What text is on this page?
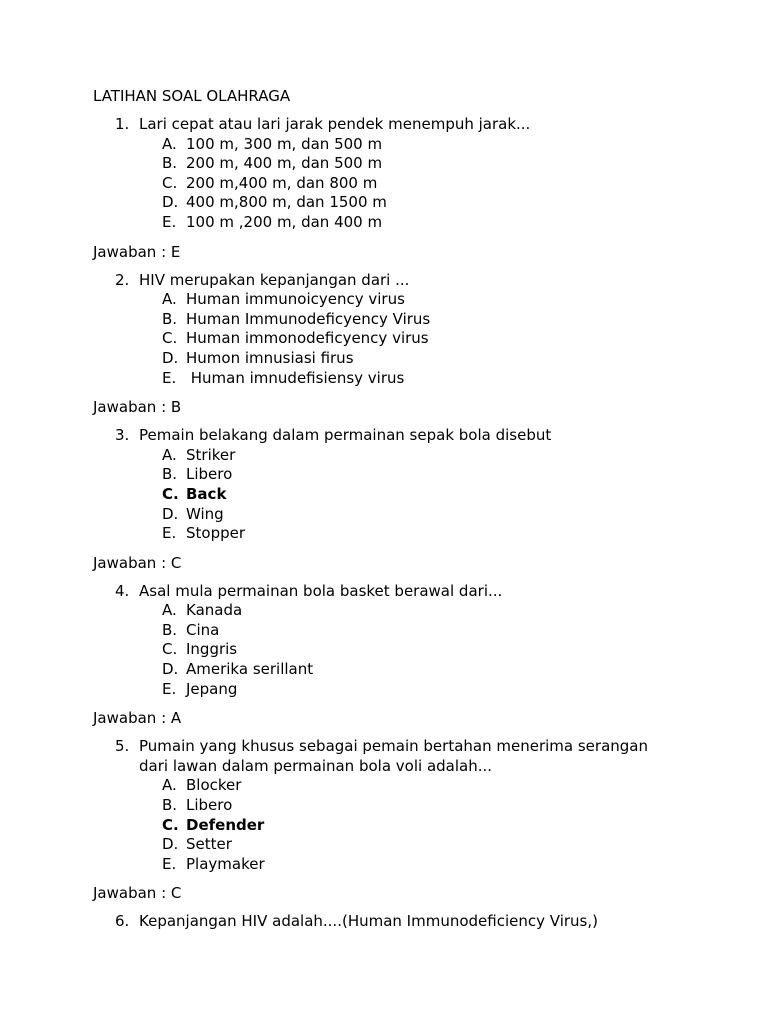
LATIHAN SOAL OLAHRAGA
1. Lari cepat atau lari jarak pendek menempuh jarak...
A. 100 m, 300 m, dan 500 m
B. 200 m, 400 m, dan 500 m
C. 200 m,400 m, dan 800 m
D. 400 m,800 m, dan 1500 m
E. 100 m ,200 m, dan 400 m
Jawaban : E
2. HIV merupakan kepanjangan dari ...
A. Human immunoicyency virus
B. Human Immunodeficyency Virus
C. Human immonodeficyency virus
D. Humon imnusiasi firus
E. Human imnudefisiensy virus
Jawaban : B
3. Pemain belakang dalam permainan sepak bola disebut
A. Striker
B. Libero
C. Back
D. Wing
E. Stopper
Jawaban : C
4. Asal mula permainan bola basket berawal dari...
A. Kanada
B. Cina
C. Inggris
D. Amerika serillant
E. Jepang
Jawaban : A
5. Pumain yang khusus sebagai pemain bertahan menerima serangan dari lawan dalam permainan bola voli adalah...
A. Blocker
B. Libero
C. Defender
D. Setter
E. Playmaker
Jawaban : C
6. Kepanjangan HIV adalah....(Human Immunodeficiency Virus,)
